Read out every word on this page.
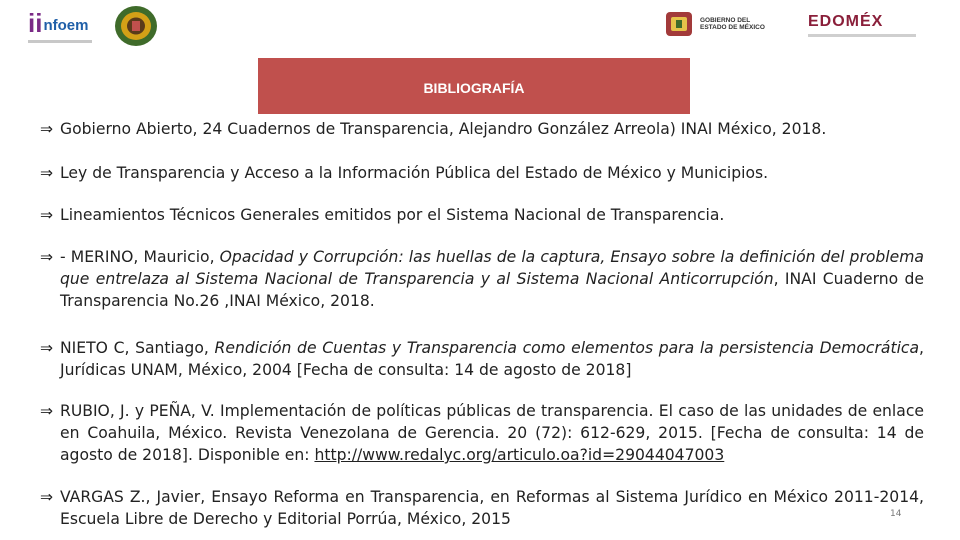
ii nfoem	GOBIERNO DEL
ESTADO DE MÉXICO	EDOMÉX
BIBLIOGRAFÍA
⇒ Gobierno Abierto, 24 Cuadernos de Transparencia, Alejandro González Arreola) INAI México, 2018.
⇒ Ley de Transparencia y Acceso a la Información Pública del Estado de México y Municipios.
⇒ Lineamientos Técnicos Generales emitidos por el Sistema Nacional de Transparencia.
⇒ - MERINO, Mauricio, Opacidad y Corrupción: las huellas de la captura, Ensayo sobre la definición del problema que entrelaza al Sistema Nacional de Transparencia y al Sistema Nacional Anticorrupción, INAI Cuaderno de Transparencia No.26 ,INAI México, 2018.
⇒ NIETO C, Santiago, Rendición de Cuentas y Transparencia como elementos para la persistencia Democrática, Jurídicas UNAM, México, 2004 [Fecha de consulta: 14 de agosto de 2018]
⇒ RUBIO, J. y PEÑA, V. Implementación de políticas públicas de transparencia. El caso de las unidades de enlace en Coahuila, México. Revista Venezolana de Gerencia. 20 (72): 612-629, 2015. [Fecha de consulta: 14 de agosto de 2018]. Disponible en: http://www.redalyc.org/articulo.oa?id=29044047003
⇒ VARGAS Z., Javier, Ensayo Reforma en Transparencia, en Reformas al Sistema Jurídico en México 2011-2014, Escuela Libre de Derecho y Editorial Porrúa, México, 2015	14
